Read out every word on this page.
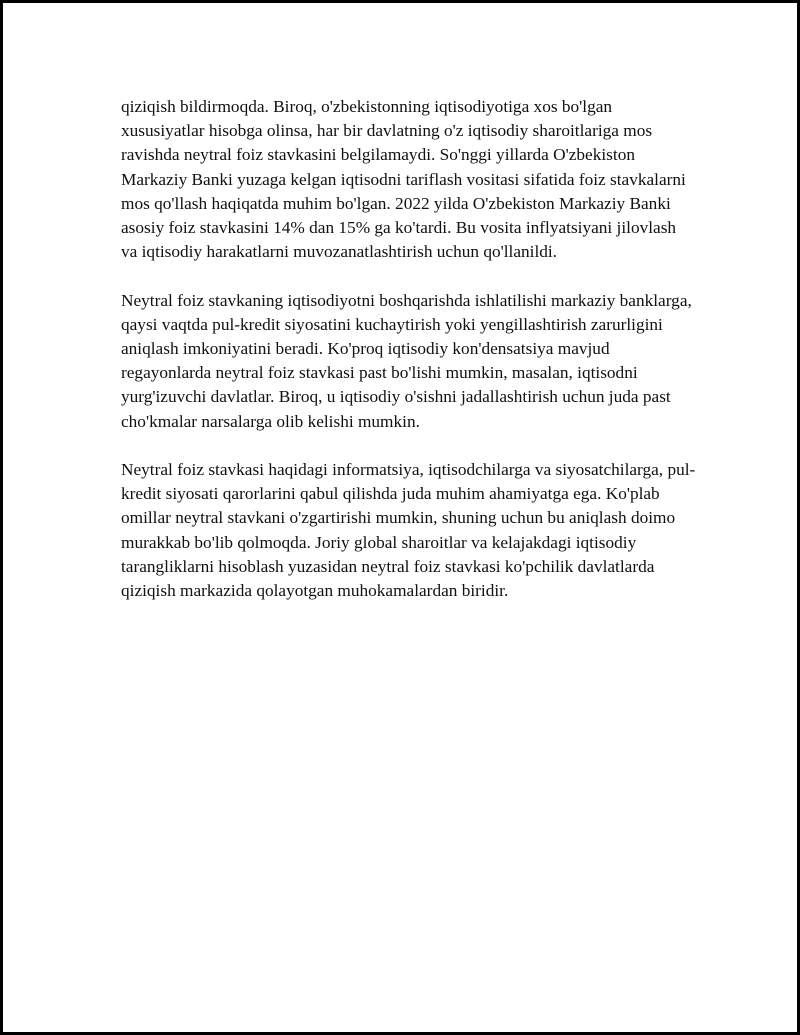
qiziqish bildirmoqda. Biroq, o'zbekistonning iqtisodiyotiga xos bo'lgan xususiyatlar hisobga olinsa, har bir davlatning o'z iqtisodiy sharoitlariga mos ravishda neytral foiz stavkasini belgilamaydi. So'nggi yillarda O'zbekiston Markaziy Banki yuzaga kelgan iqtisodni tariflash vositasi sifatida foiz stavkalarni mos qo'llash haqiqatda muhim bo'lgan. 2022 yilda O'zbekiston Markaziy Banki asosiy foiz stavkasini 14% dan 15% ga ko'tardi. Bu vosita inflyatsiyani jilovlash va iqtisodiy harakatlarni muvozanatlashtirish uchun qo'llanildi.

Neytral foiz stavkaning iqtisodiyotni boshqarishda ishlatilishi markaziy banklarga, qaysi vaqtda pul-kredit siyosatini kuchaytirish yoki yengillashtirish zarurligini aniqlash imkoniyatini beradi. Ko'proq iqtisodiy kon'densatsiya mavjud regayonlarda neytral foiz stavkasi past bo'lishi mumkin, masalan, iqtisodni yurg'izuvchi davlatlar. Biroq, u iqtisodiy o'sishni jadallashtirish uchun juda past cho'kmalar narsalarga olib kelishi mumkin.

Neytral foiz stavkasi haqidagi informatsiya, iqtisodchilarga va siyosatchilarga, pul-kredit siyosati qarorlarini qabul qilishda juda muhim ahamiyatga ega. Ko'plab omillar neytral stavkani o'zgartirishi mumkin, shuning uchun bu aniqlash doimo murakkab bo'lib qolmoqda. Joriy global sharoitlar va kelajakdagi iqtisodiy tarangliklarni hisoblash yuzasidan neytral foiz stavkasi ko'pchilik davlatlarda qiziqish markazida qolayotgan muhokamalardan biridir.
